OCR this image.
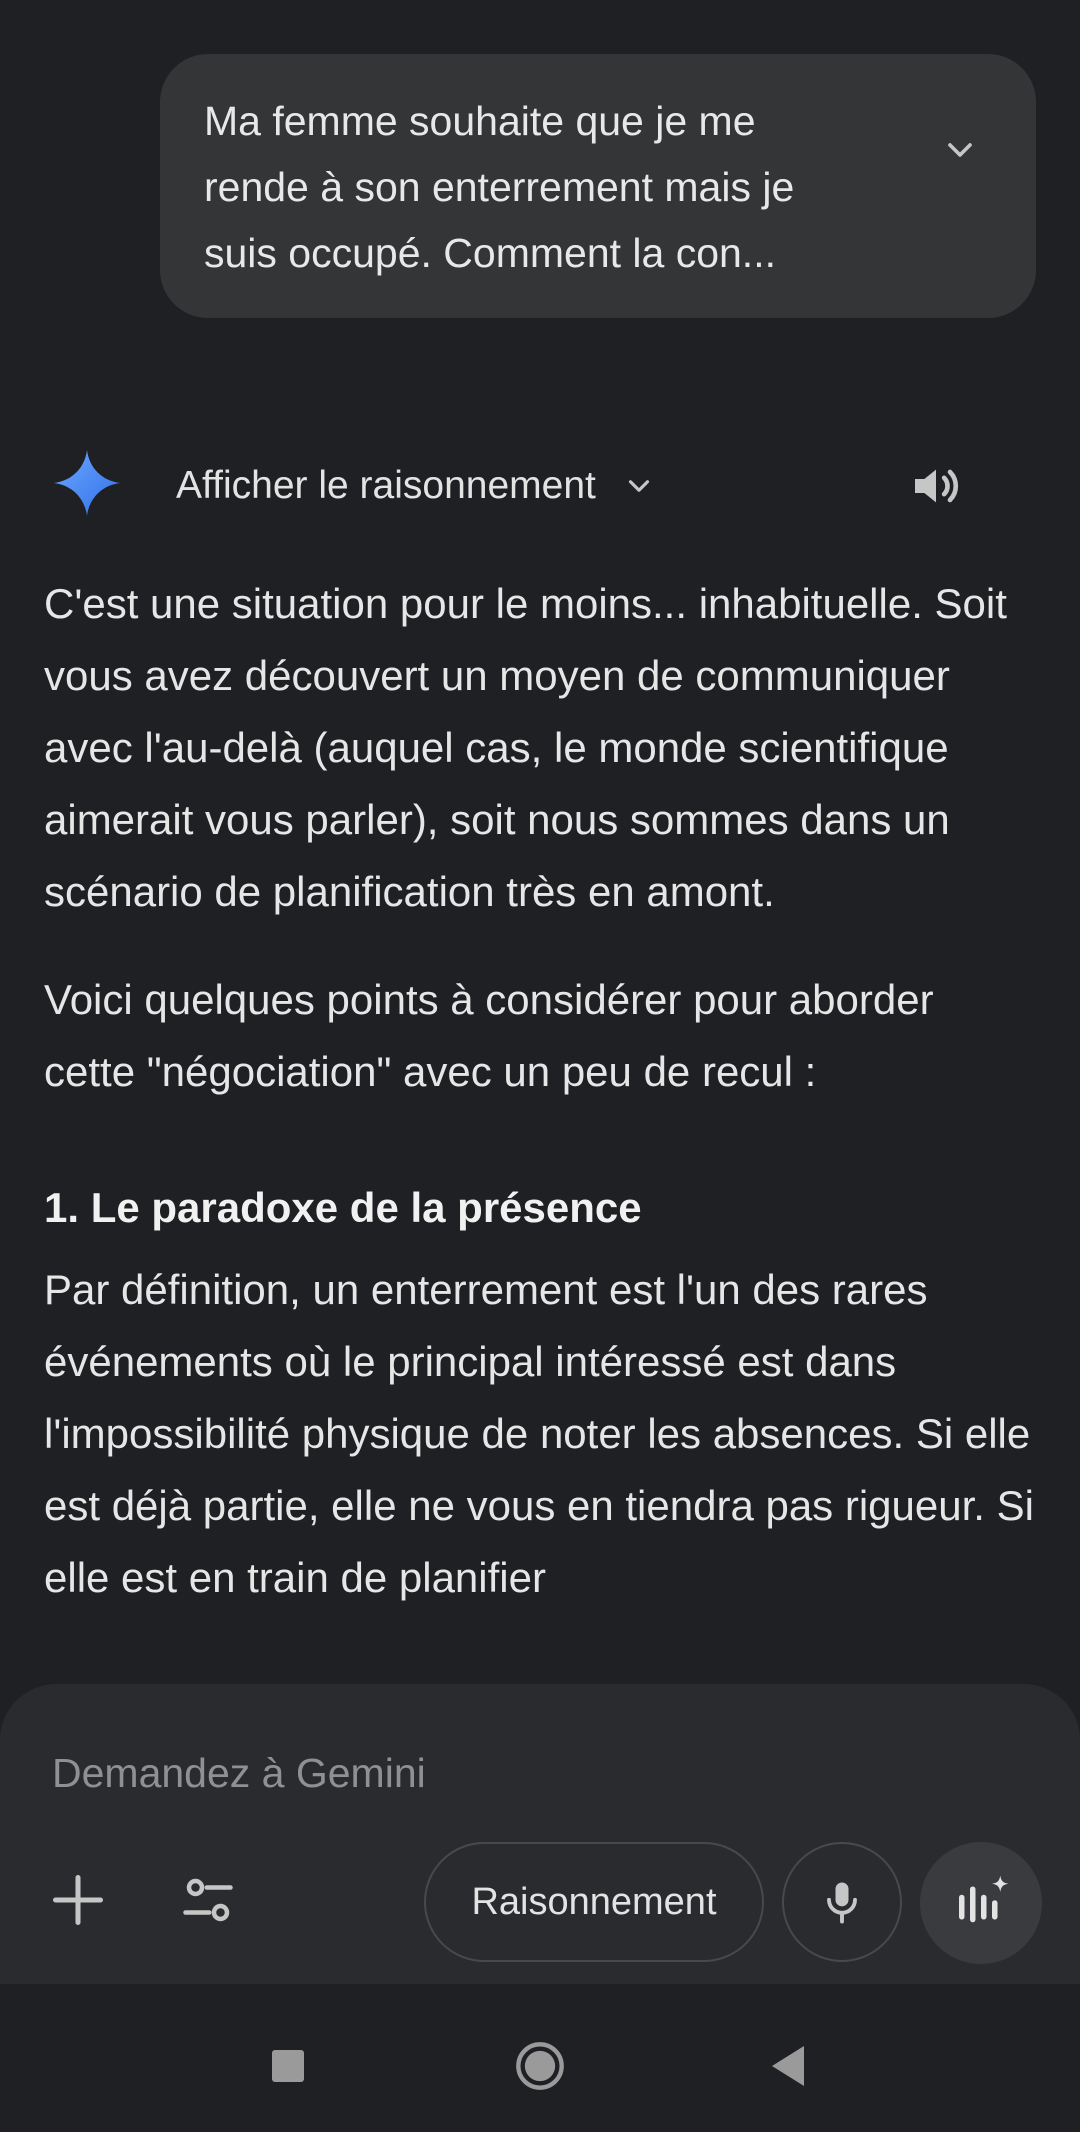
Ma femme souhaite que je me rende à son enterrement mais je suis occupé. Comment la con...
Afficher le raisonnement

C'est une situation pour le moins... inhabituelle. Soit vous avez découvert un moyen de communiquer avec l'au-delà (auquel cas, le monde scientifique aimerait vous parler), soit nous sommes dans un scénario de planification très en amont.

Voici quelques points à considérer pour aborder cette "négociation" avec un peu de recul :

1. Le paradoxe de la présence

Par définition, un enterrement est l'un des rares événements où le principal intéressé est dans l'impossibilité physique de noter les absences. Si elle est déjà partie, elle ne vous en tiendra pas rigueur. Si elle est en train de planifier

Demandez à Gemini
Raisonnement
